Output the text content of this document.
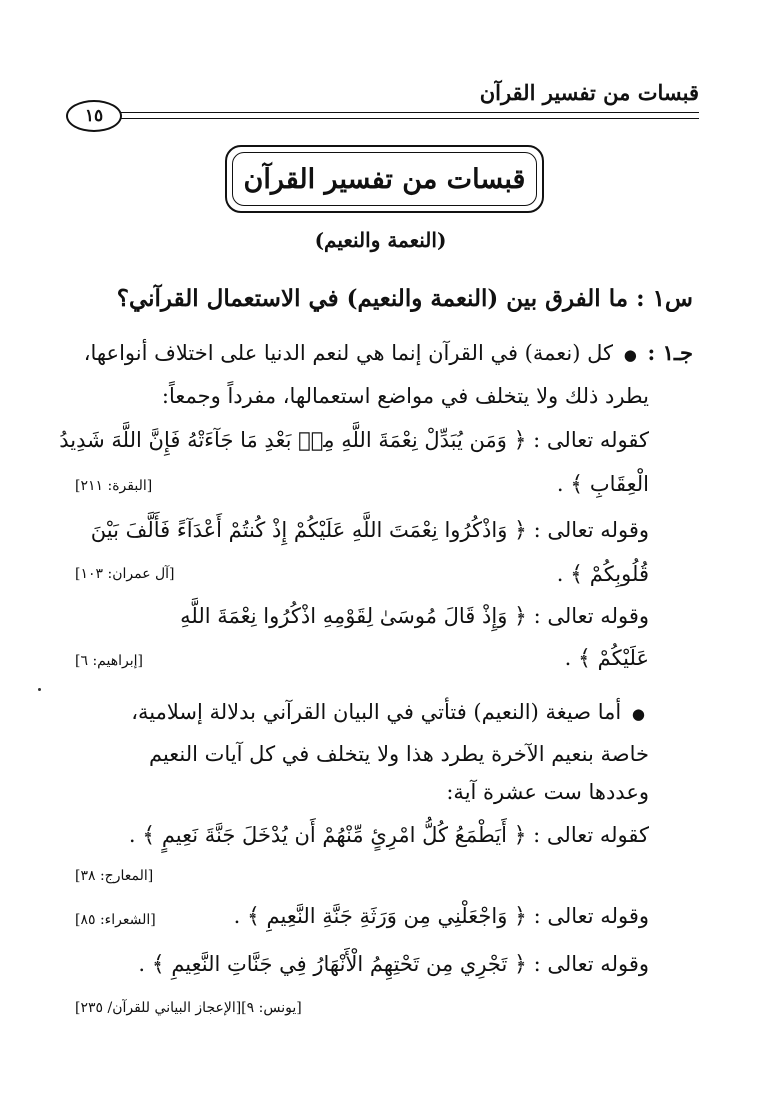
قبسات من تفسير القرآن
١٥
قبسات من تفسير القرآن
(النعمة والنعيم)
س١ : ما الفرق بين (النعمة والنعيم) في الاستعمال القرآني؟
جـ١ : ● كل (نعمة) في القرآن إنما هي لنعم الدنيا على اختلاف أنواعها،
يطرد ذلك ولا يتخلف في مواضع استعمالها، مفرداً وجمعاً:
كقوله تعالى : ﴿ وَمَن يُبَدِّلْ نِعْمَةَ اللَّهِ مِنۢ بَعْدِ مَا جَآءَتْهُ فَإِنَّ اللَّهَ شَدِيدُ
الْعِقَابِ ﴾ .
[البقرة: ٢١١]
وقوله تعالى : ﴿ وَاذْكُرُوا نِعْمَتَ اللَّهِ عَلَيْكُمْ إِذْ كُنتُمْ أَعْدَآءً فَأَلَّفَ بَيْنَ
قُلُوبِكُمْ ﴾ .
[آل عمران: ١٠٣]
وقوله تعالى : ﴿ وَإِذْ قَالَ مُوسَىٰ لِقَوْمِهِ اذْكُرُوا نِعْمَةَ اللَّهِ
عَلَيْكُمْ ﴾ .
[إبراهيم: ٦]
● أما صيغة (النعيم) فتأتي في البيان القرآني بدلالة إسلامية،
خاصة بنعيم الآخرة يطرد هذا ولا يتخلف في كل آيات النعيم
وعددها ست عشرة آية:
كقوله تعالى : ﴿ أَيَطْمَعُ كُلُّ امْرِئٍ مِّنْهُمْ أَن يُدْخَلَ جَنَّةَ نَعِيمٍ ﴾ .
[المعارج: ٣٨]
وقوله تعالى : ﴿ وَاجْعَلْنِي مِن وَرَثَةِ جَنَّةِ النَّعِيمِ ﴾ .
[الشعراء: ٨٥]
وقوله تعالى : ﴿ تَجْرِي مِن تَحْتِهِمُ الْأَنْهَارُ فِي جَنَّاتِ النَّعِيمِ ﴾ .
[يونس: ٩][الإعجاز البياني للقرآن/ ٢٣٥]
